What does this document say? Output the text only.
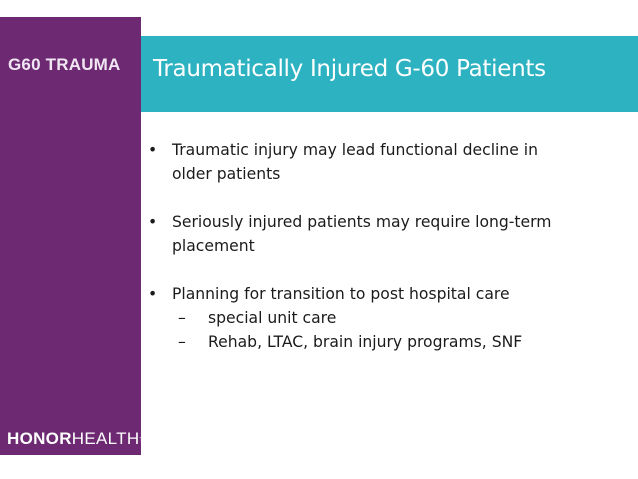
G60 TRAUMA Traumatically Injured G-60 Patients
• Traumatic injury may lead functional decline in
older patients
• Seriously injured patients may require long-term
placement
• Planning for transition to post hospital care
– special unit care
– Rehab, LTAC, brain injury programs, SNF
HONORHEALTH™
